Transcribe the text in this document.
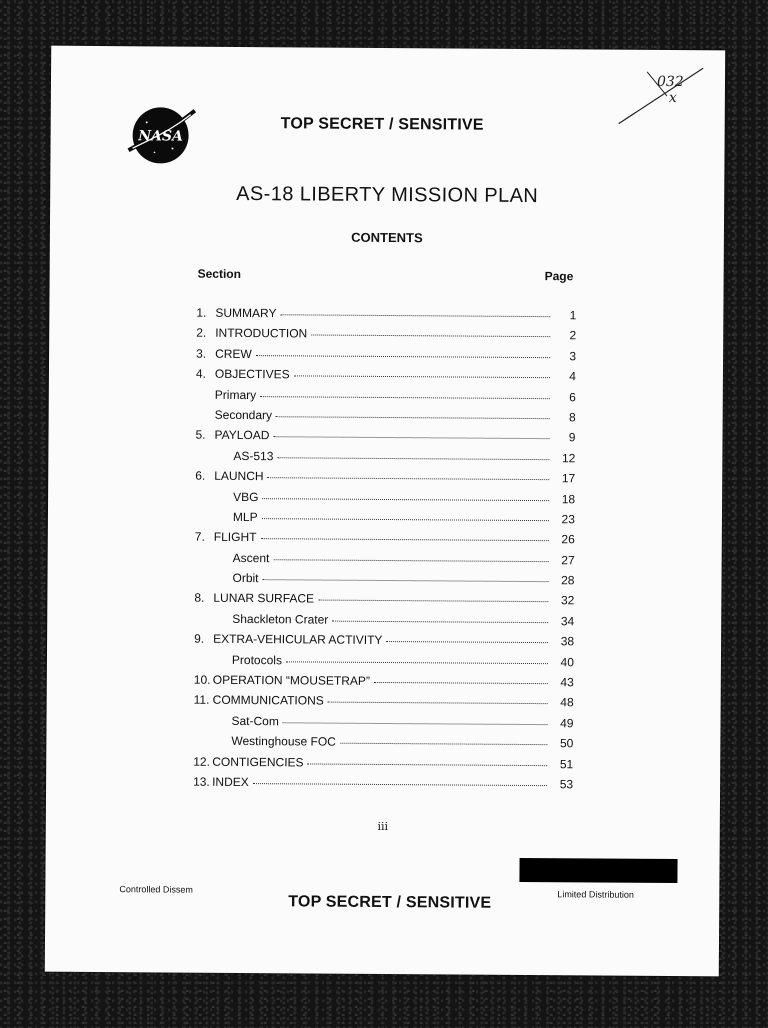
032
x
NASA
TOP SECRET / SENSITIVE
AS-18 LIBERTY MISSION PLAN
CONTENTS
Section	Page
1. SUMMARY	1
2. INTRODUCTION	2
3. CREW	3
4. OBJECTIVES	4
Primary	6
Secondary	8
5. PAYLOAD	9
AS-513	12
6. LAUNCH	17
VBG	18
MLP	23
7. FLIGHT	26
Ascent	27
Orbit	28
8. LUNAR SURFACE	32
Shackleton Crater	34
9. EXTRA-VEHICULAR ACTIVITY	38
Protocols	40
10. OPERATION “MOUSETRAP”	43
11. COMMUNICATIONS	48
Sat-Com	49
Westinghouse FOC	50
12. CONTIGENCIES	51
13. INDEX	53
iii
Controlled Dissem	Limited Distribution
TOP SECRET / SENSITIVE
